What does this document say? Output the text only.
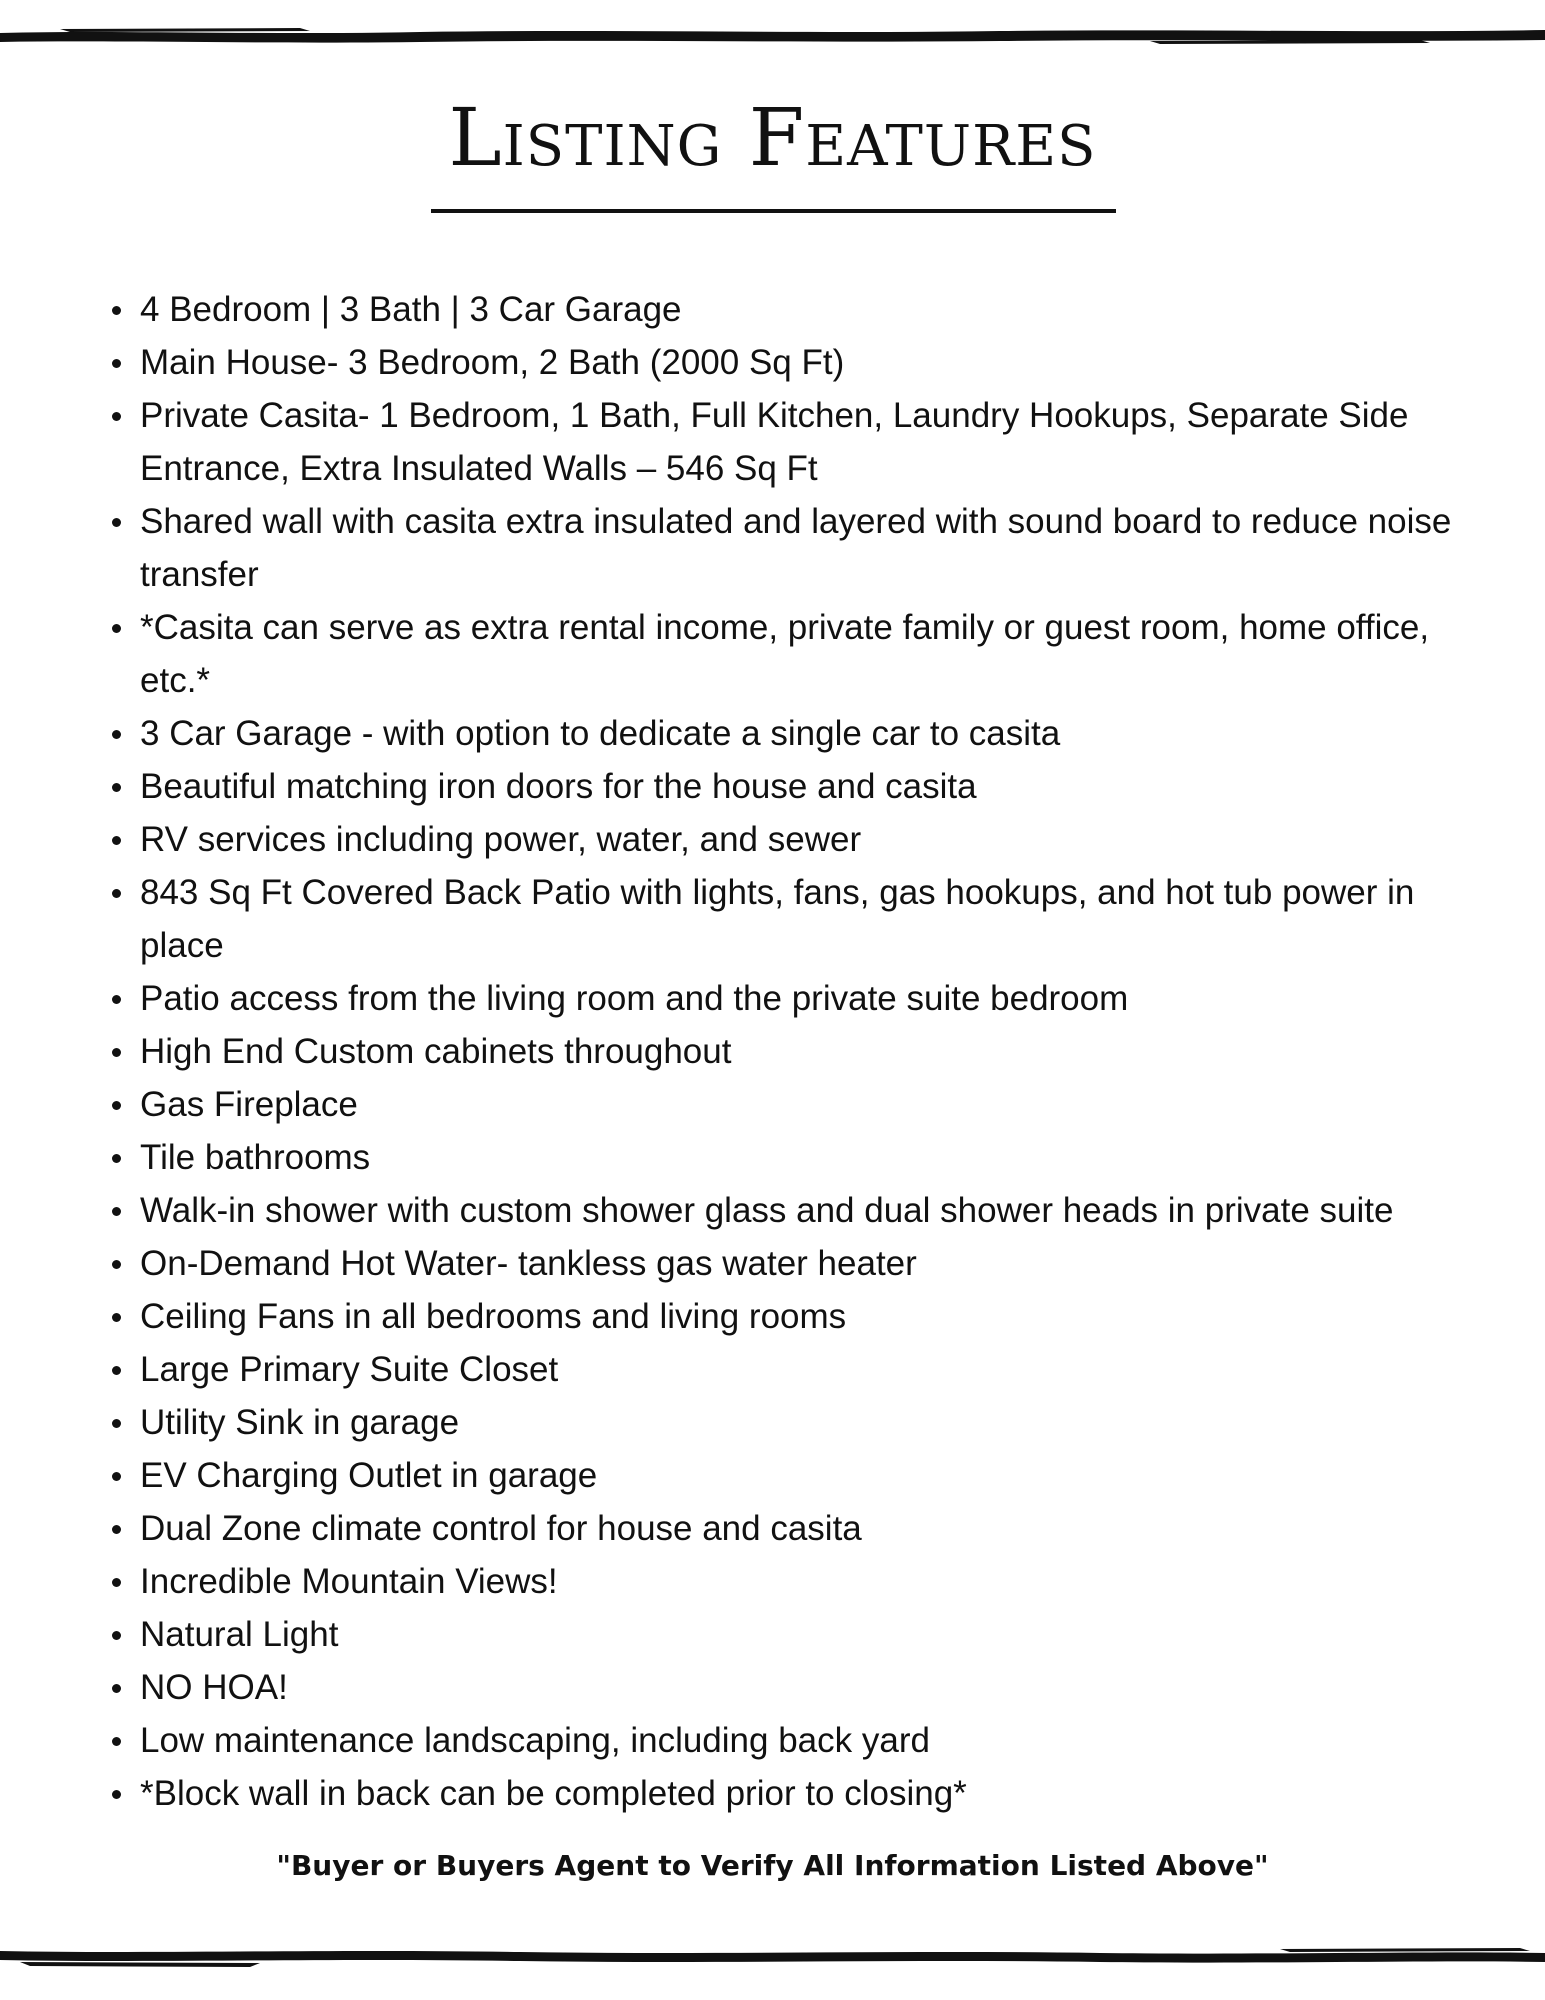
Listing Features
4 Bedroom | 3 Bath | 3 Car Garage
Main House- 3 Bedroom, 2 Bath (2000 Sq Ft)
Private Casita- 1 Bedroom, 1 Bath, Full Kitchen, Laundry Hookups, Separate Side Entrance, Extra Insulated Walls – 546 Sq Ft
Shared wall with casita extra insulated and layered with sound board to reduce noise transfer
*Casita can serve as extra rental income, private family or guest room, home office, etc.*
3 Car Garage - with option to dedicate a single car to casita
Beautiful matching iron doors for the house and casita
RV services including power, water, and sewer
843 Sq Ft Covered Back Patio with lights, fans, gas hookups, and hot tub power in place
Patio access from the living room and the private suite bedroom
High End Custom cabinets throughout
Gas Fireplace
Tile bathrooms
Walk-in shower with custom shower glass and dual shower heads in private suite
On-Demand Hot Water- tankless gas water heater
Ceiling Fans in all bedrooms and living rooms
Large Primary Suite Closet
Utility Sink in garage
EV Charging Outlet in garage
Dual Zone climate control for house and casita
Incredible Mountain Views!
Natural Light
NO HOA!
Low maintenance landscaping, including back yard
*Block wall in back can be completed prior to closing*

"Buyer or Buyers Agent to Verify All Information Listed Above"
